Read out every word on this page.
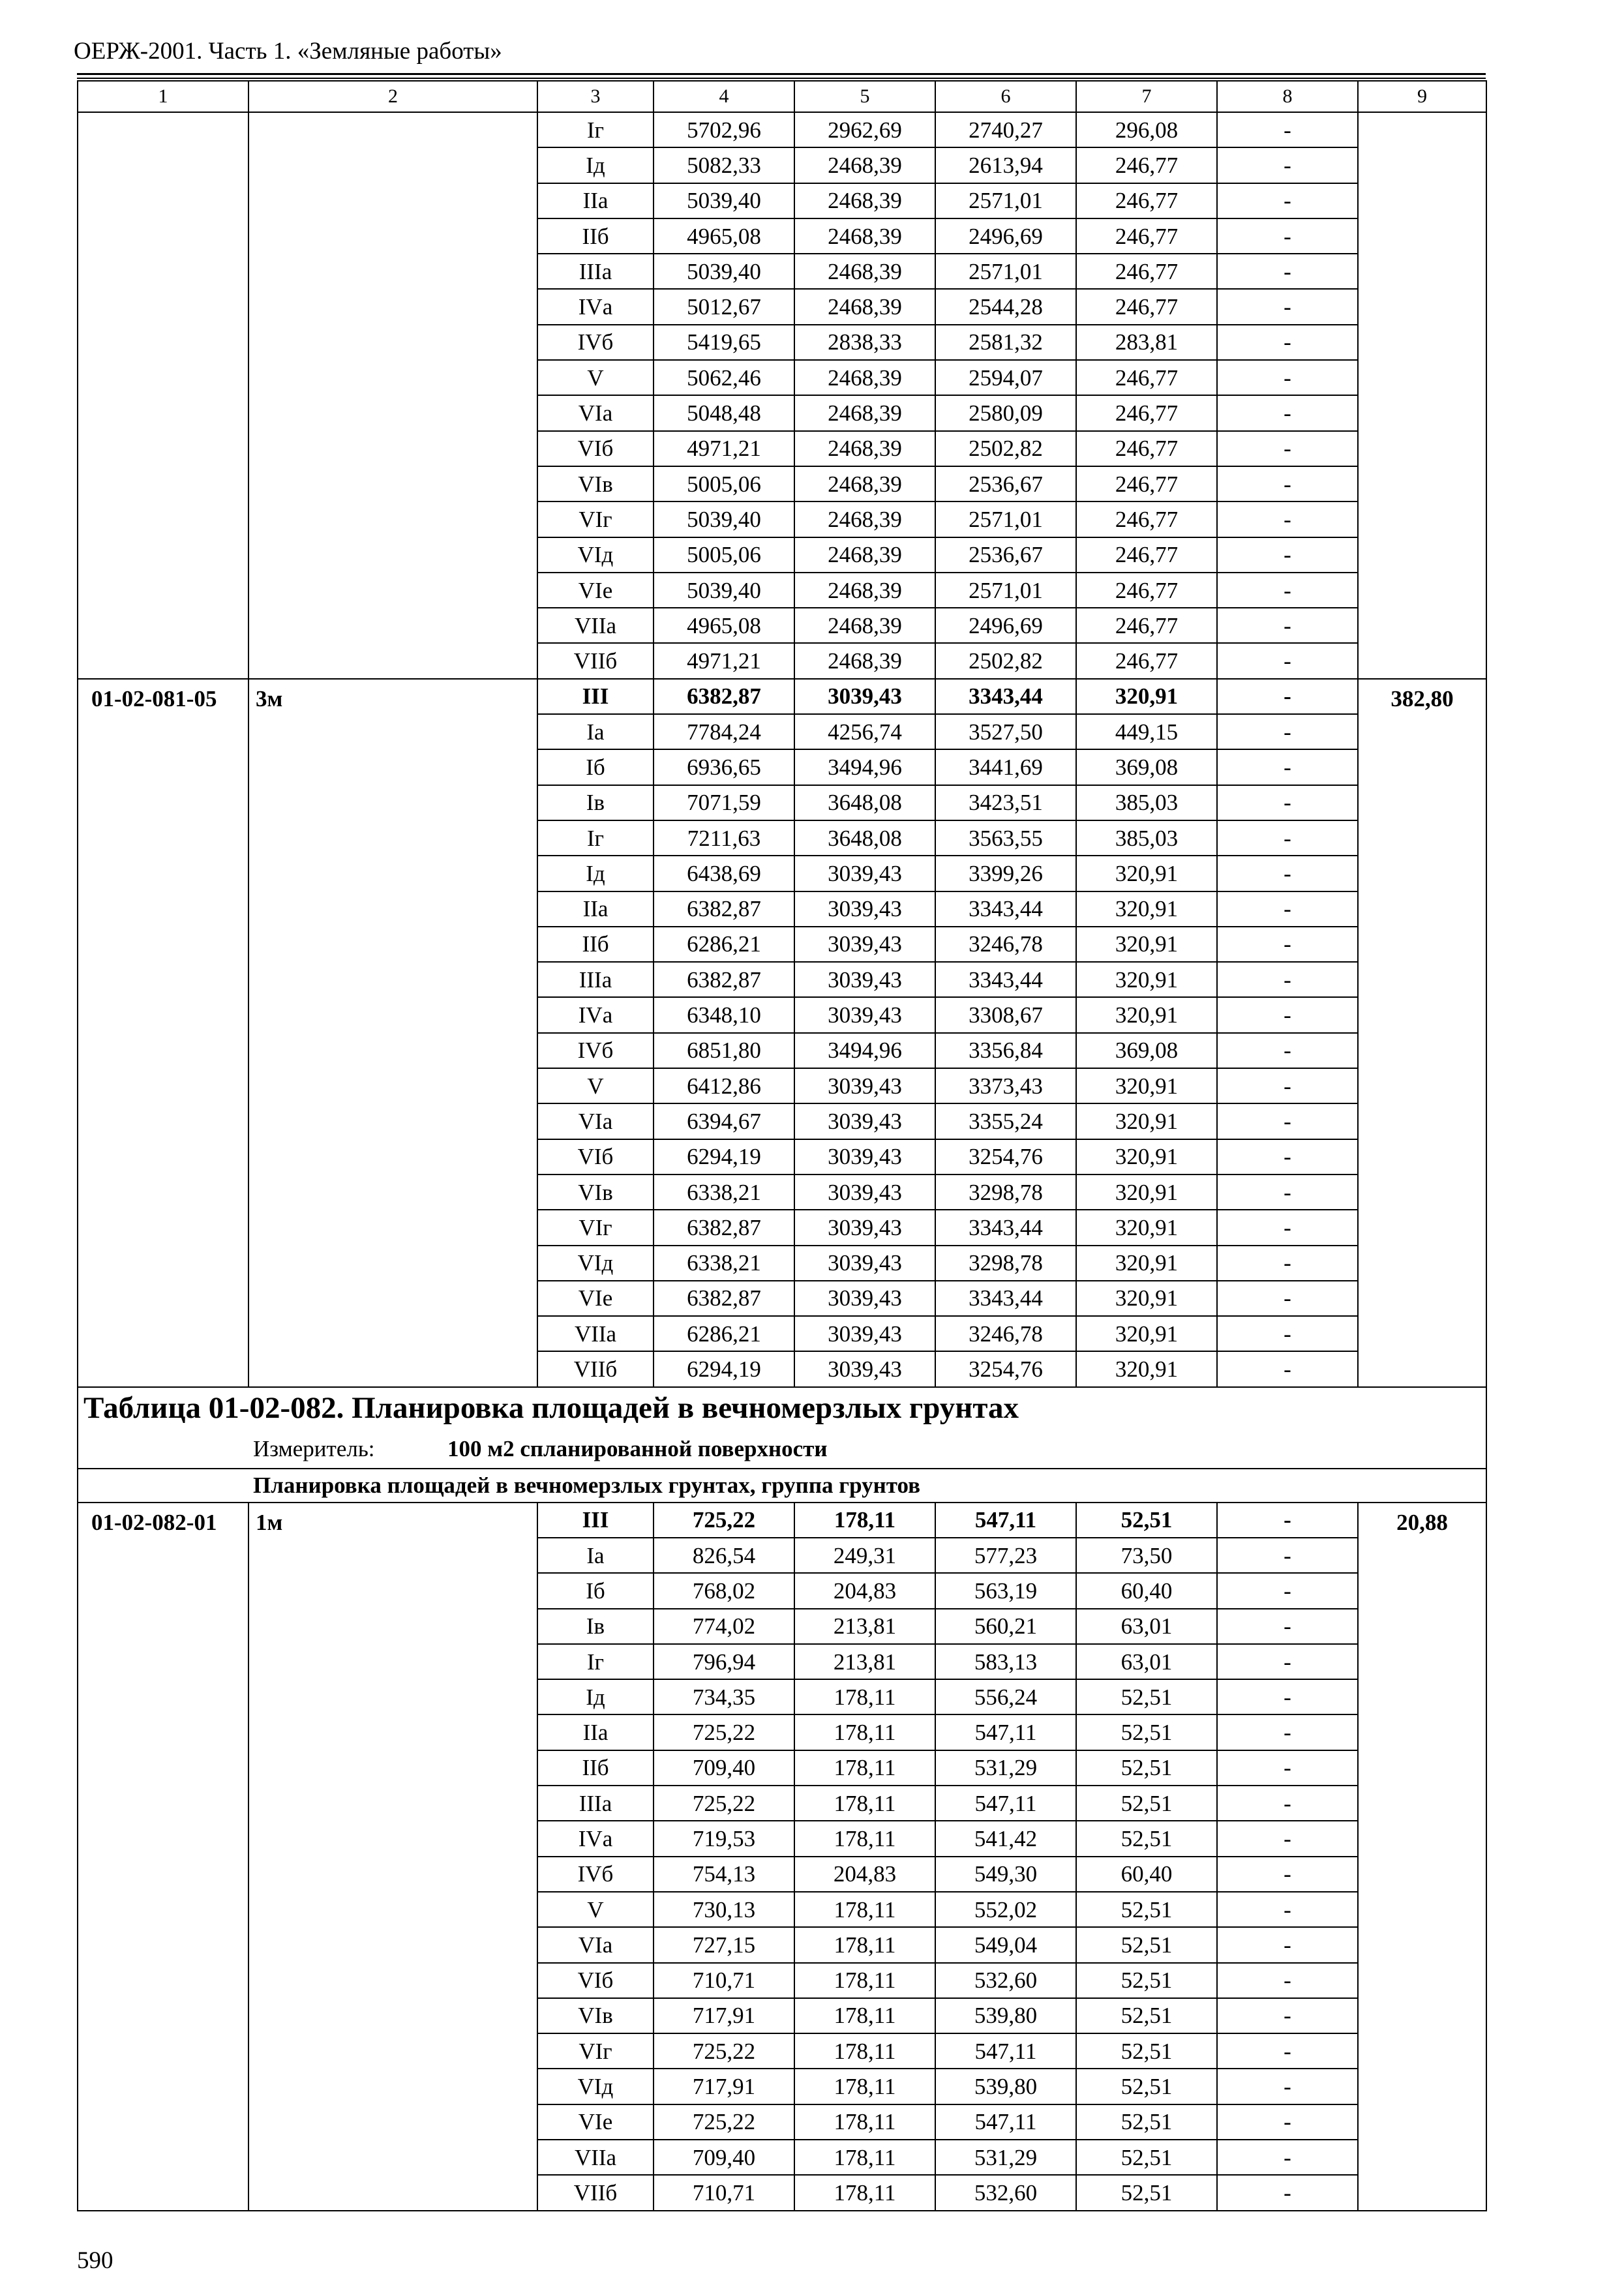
ОЕРЖ-2001. Часть 1. «Земляные работы»
1	2	3	4	5	6	7	8	9
		Iг	5702,96	2962,69	2740,27	296,08	-	
		Iд	5082,33	2468,39	2613,94	246,77	-	
		IIа	5039,40	2468,39	2571,01	246,77	-	
		IIб	4965,08	2468,39	2496,69	246,77	-	
		IIIа	5039,40	2468,39	2571,01	246,77	-	
		IVа	5012,67	2468,39	2544,28	246,77	-	
		IVб	5419,65	2838,33	2581,32	283,81	-	
		V	5062,46	2468,39	2594,07	246,77	-	
		VIа	5048,48	2468,39	2580,09	246,77	-	
		VIб	4971,21	2468,39	2502,82	246,77	-	
		VIв	5005,06	2468,39	2536,67	246,77	-	
		VIг	5039,40	2468,39	2571,01	246,77	-	
		VIд	5005,06	2468,39	2536,67	246,77	-	
		VIе	5039,40	2468,39	2571,01	246,77	-	
		VIIа	4965,08	2468,39	2496,69	246,77	-	
		VIIб	4971,21	2468,39	2502,82	246,77	-	
01-02-081-05	3м	III	6382,87	3039,43	3343,44	320,91	-	382,80
		Iа	7784,24	4256,74	3527,50	449,15	-	
		Iб	6936,65	3494,96	3441,69	369,08	-	
		Iв	7071,59	3648,08	3423,51	385,03	-	
		Iг	7211,63	3648,08	3563,55	385,03	-	
		Iд	6438,69	3039,43	3399,26	320,91	-	
		IIа	6382,87	3039,43	3343,44	320,91	-	
		IIб	6286,21	3039,43	3246,78	320,91	-	
		IIIа	6382,87	3039,43	3343,44	320,91	-	
		IVа	6348,10	3039,43	3308,67	320,91	-	
		IVб	6851,80	3494,96	3356,84	369,08	-	
		V	6412,86	3039,43	3373,43	320,91	-	
		VIа	6394,67	3039,43	3355,24	320,91	-	
		VIб	6294,19	3039,43	3254,76	320,91	-	
		VIв	6338,21	3039,43	3298,78	320,91	-	
		VIг	6382,87	3039,43	3343,44	320,91	-	
		VIд	6338,21	3039,43	3298,78	320,91	-	
		VIе	6382,87	3039,43	3343,44	320,91	-	
		VIIа	6286,21	3039,43	3246,78	320,91	-	
		VIIб	6294,19	3039,43	3254,76	320,91	-	

Таблица 01-02-082. Планировка площадей в вечномерзлых грунтах
Измеритель: 100 м2 спланированной поверхности								

Планировка площадей в вечномерзлых грунтах, группа грунтов								
01-02-082-01	1м	III	725,22	178,11	547,11	52,51	-	20,88
		Iа	826,54	249,31	577,23	73,50	-	
		Iб	768,02	204,83	563,19	60,40	-	
		Iв	774,02	213,81	560,21	63,01	-	
		Iг	796,94	213,81	583,13	63,01	-	
		Iд	734,35	178,11	556,24	52,51	-	
		IIа	725,22	178,11	547,11	52,51	-	
		IIб	709,40	178,11	531,29	52,51	-	
		IIIа	725,22	178,11	547,11	52,51	-	
		IVа	719,53	178,11	541,42	52,51	-	
		IVб	754,13	204,83	549,30	60,40	-	
		V	730,13	178,11	552,02	52,51	-	
		VIа	727,15	178,11	549,04	52,51	-	
		VIб	710,71	178,11	532,60	52,51	-	
		VIв	717,91	178,11	539,80	52,51	-	
		VIг	725,22	178,11	547,11	52,51	-	
		VIд	717,91	178,11	539,80	52,51	-	
		VIе	725,22	178,11	547,11	52,51	-	
		VIIа	709,40	178,11	531,29	52,51	-	
		VIIб	710,71	178,11	532,60	52,51	-	
590
